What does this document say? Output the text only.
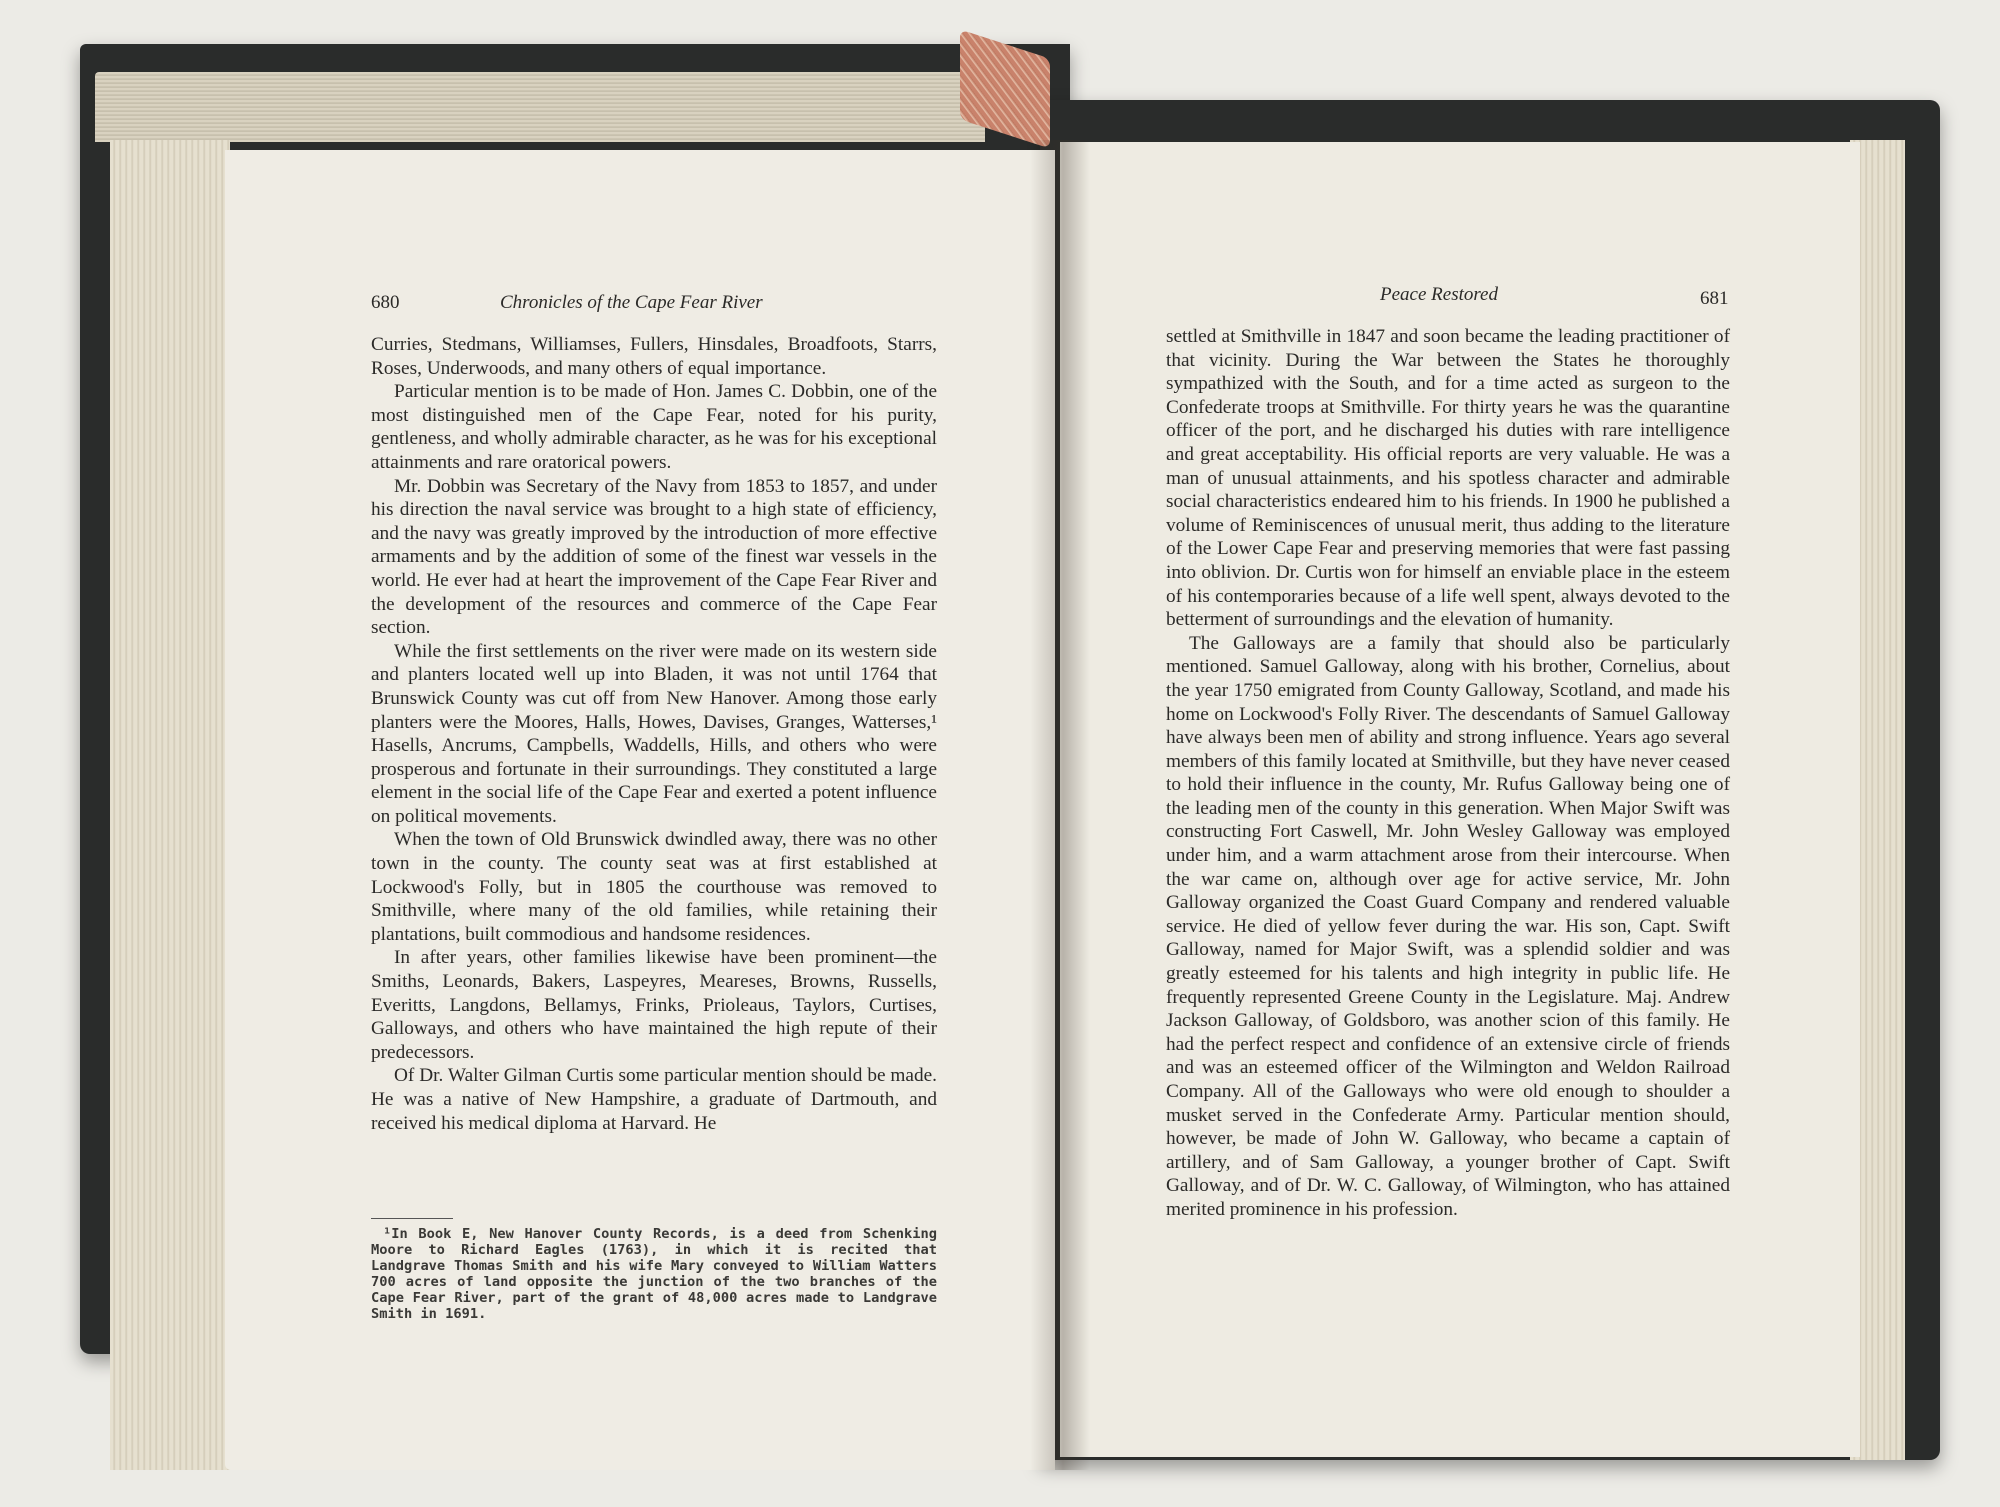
680	Chronicles of the Cape Fear River

Curries, Stedmans, Williamses, Fullers, Hinsdales, Broadfoots, Starrs, Roses, Underwoods, and many others of equal importance.

Particular mention is to be made of Hon. James C. Dobbin, one of the most distinguished men of the Cape Fear, noted for his purity, gentleness, and wholly admirable character, as he was for his exceptional attainments and rare oratorical powers.

Mr. Dobbin was Secretary of the Navy from 1853 to 1857, and under his direction the naval service was brought to a high state of efficiency, and the navy was greatly improved by the introduction of more effective armaments and by the addition of some of the finest war vessels in the world. He ever had at heart the improvement of the Cape Fear River and the development of the resources and commerce of the Cape Fear section.

While the first settlements on the river were made on its western side and planters located well up into Bladen, it was not until 1764 that Brunswick County was cut off from New Hanover. Among those early planters were the Moores, Halls, Howes, Davises, Granges, Watterses,¹ Hasells, Ancrums, Campbells, Waddells, Hills, and others who were prosperous and fortunate in their surroundings. They constituted a large element in the social life of the Cape Fear and exerted a potent influence on political movements.

When the town of Old Brunswick dwindled away, there was no other town in the county. The county seat was at first established at Lockwood's Folly, but in 1805 the courthouse was removed to Smithville, where many of the old families, while retaining their plantations, built commodious and handsome residences.

In after years, other families likewise have been prominent—the Smiths, Leonards, Bakers, Laspeyres, Meareses, Browns, Russells, Everitts, Langdons, Bellamys, Frinks, Prioleaus, Taylors, Curtises, Galloways, and others who have maintained the high repute of their predecessors.

Of Dr. Walter Gilman Curtis some particular mention should be made. He was a native of New Hampshire, a graduate of Dartmouth, and received his medical diploma at Harvard. He

¹In Book E, New Hanover County Records, is a deed from Schenking Moore to Richard Eagles (1763), in which it is recited that Landgrave Thomas Smith and his wife Mary conveyed to William Watters 700 acres of land opposite the junction of the two branches of the Cape Fear River, part of the grant of 48,000 acres made to Landgrave Smith in 1691.

Peace Restored	681

settled at Smithville in 1847 and soon became the leading practitioner of that vicinity. During the War between the States he thoroughly sympathized with the South, and for a time acted as surgeon to the Confederate troops at Smithville. For thirty years he was the quarantine officer of the port, and he discharged his duties with rare intelligence and great acceptability. His official reports are very valuable. He was a man of unusual attainments, and his spotless character and admirable social characteristics endeared him to his friends. In 1900 he published a volume of Reminiscences of unusual merit, thus adding to the literature of the Lower Cape Fear and preserving memories that were fast passing into oblivion. Dr. Curtis won for himself an enviable place in the esteem of his contemporaries because of a life well spent, always devoted to the betterment of surroundings and the elevation of humanity.

The Galloways are a family that should also be particularly mentioned. Samuel Galloway, along with his brother, Cornelius, about the year 1750 emigrated from County Galloway, Scotland, and made his home on Lockwood's Folly River. The descendants of Samuel Galloway have always been men of ability and strong influence. Years ago several members of this family located at Smithville, but they have never ceased to hold their influence in the county, Mr. Rufus Galloway being one of the leading men of the county in this generation. When Major Swift was constructing Fort Caswell, Mr. John Wesley Galloway was employed under him, and a warm attachment arose from their intercourse. When the war came on, although over age for active service, Mr. John Galloway organized the Coast Guard Company and rendered valuable service. He died of yellow fever during the war. His son, Capt. Swift Galloway, named for Major Swift, was a splendid soldier and was greatly esteemed for his talents and high integrity in public life. He frequently represented Greene County in the Legislature. Maj. Andrew Jackson Galloway, of Goldsboro, was another scion of this family. He had the perfect respect and confidence of an extensive circle of friends and was an esteemed officer of the Wilmington and Weldon Railroad Company. All of the Galloways who were old enough to shoulder a musket served in the Confederate Army. Particular mention should, however, be made of John W. Galloway, who became a captain of artillery, and of Sam Galloway, a younger brother of Capt. Swift Galloway, and of Dr. W. C. Galloway, of Wilmington, who has attained merited prominence in his profession.
